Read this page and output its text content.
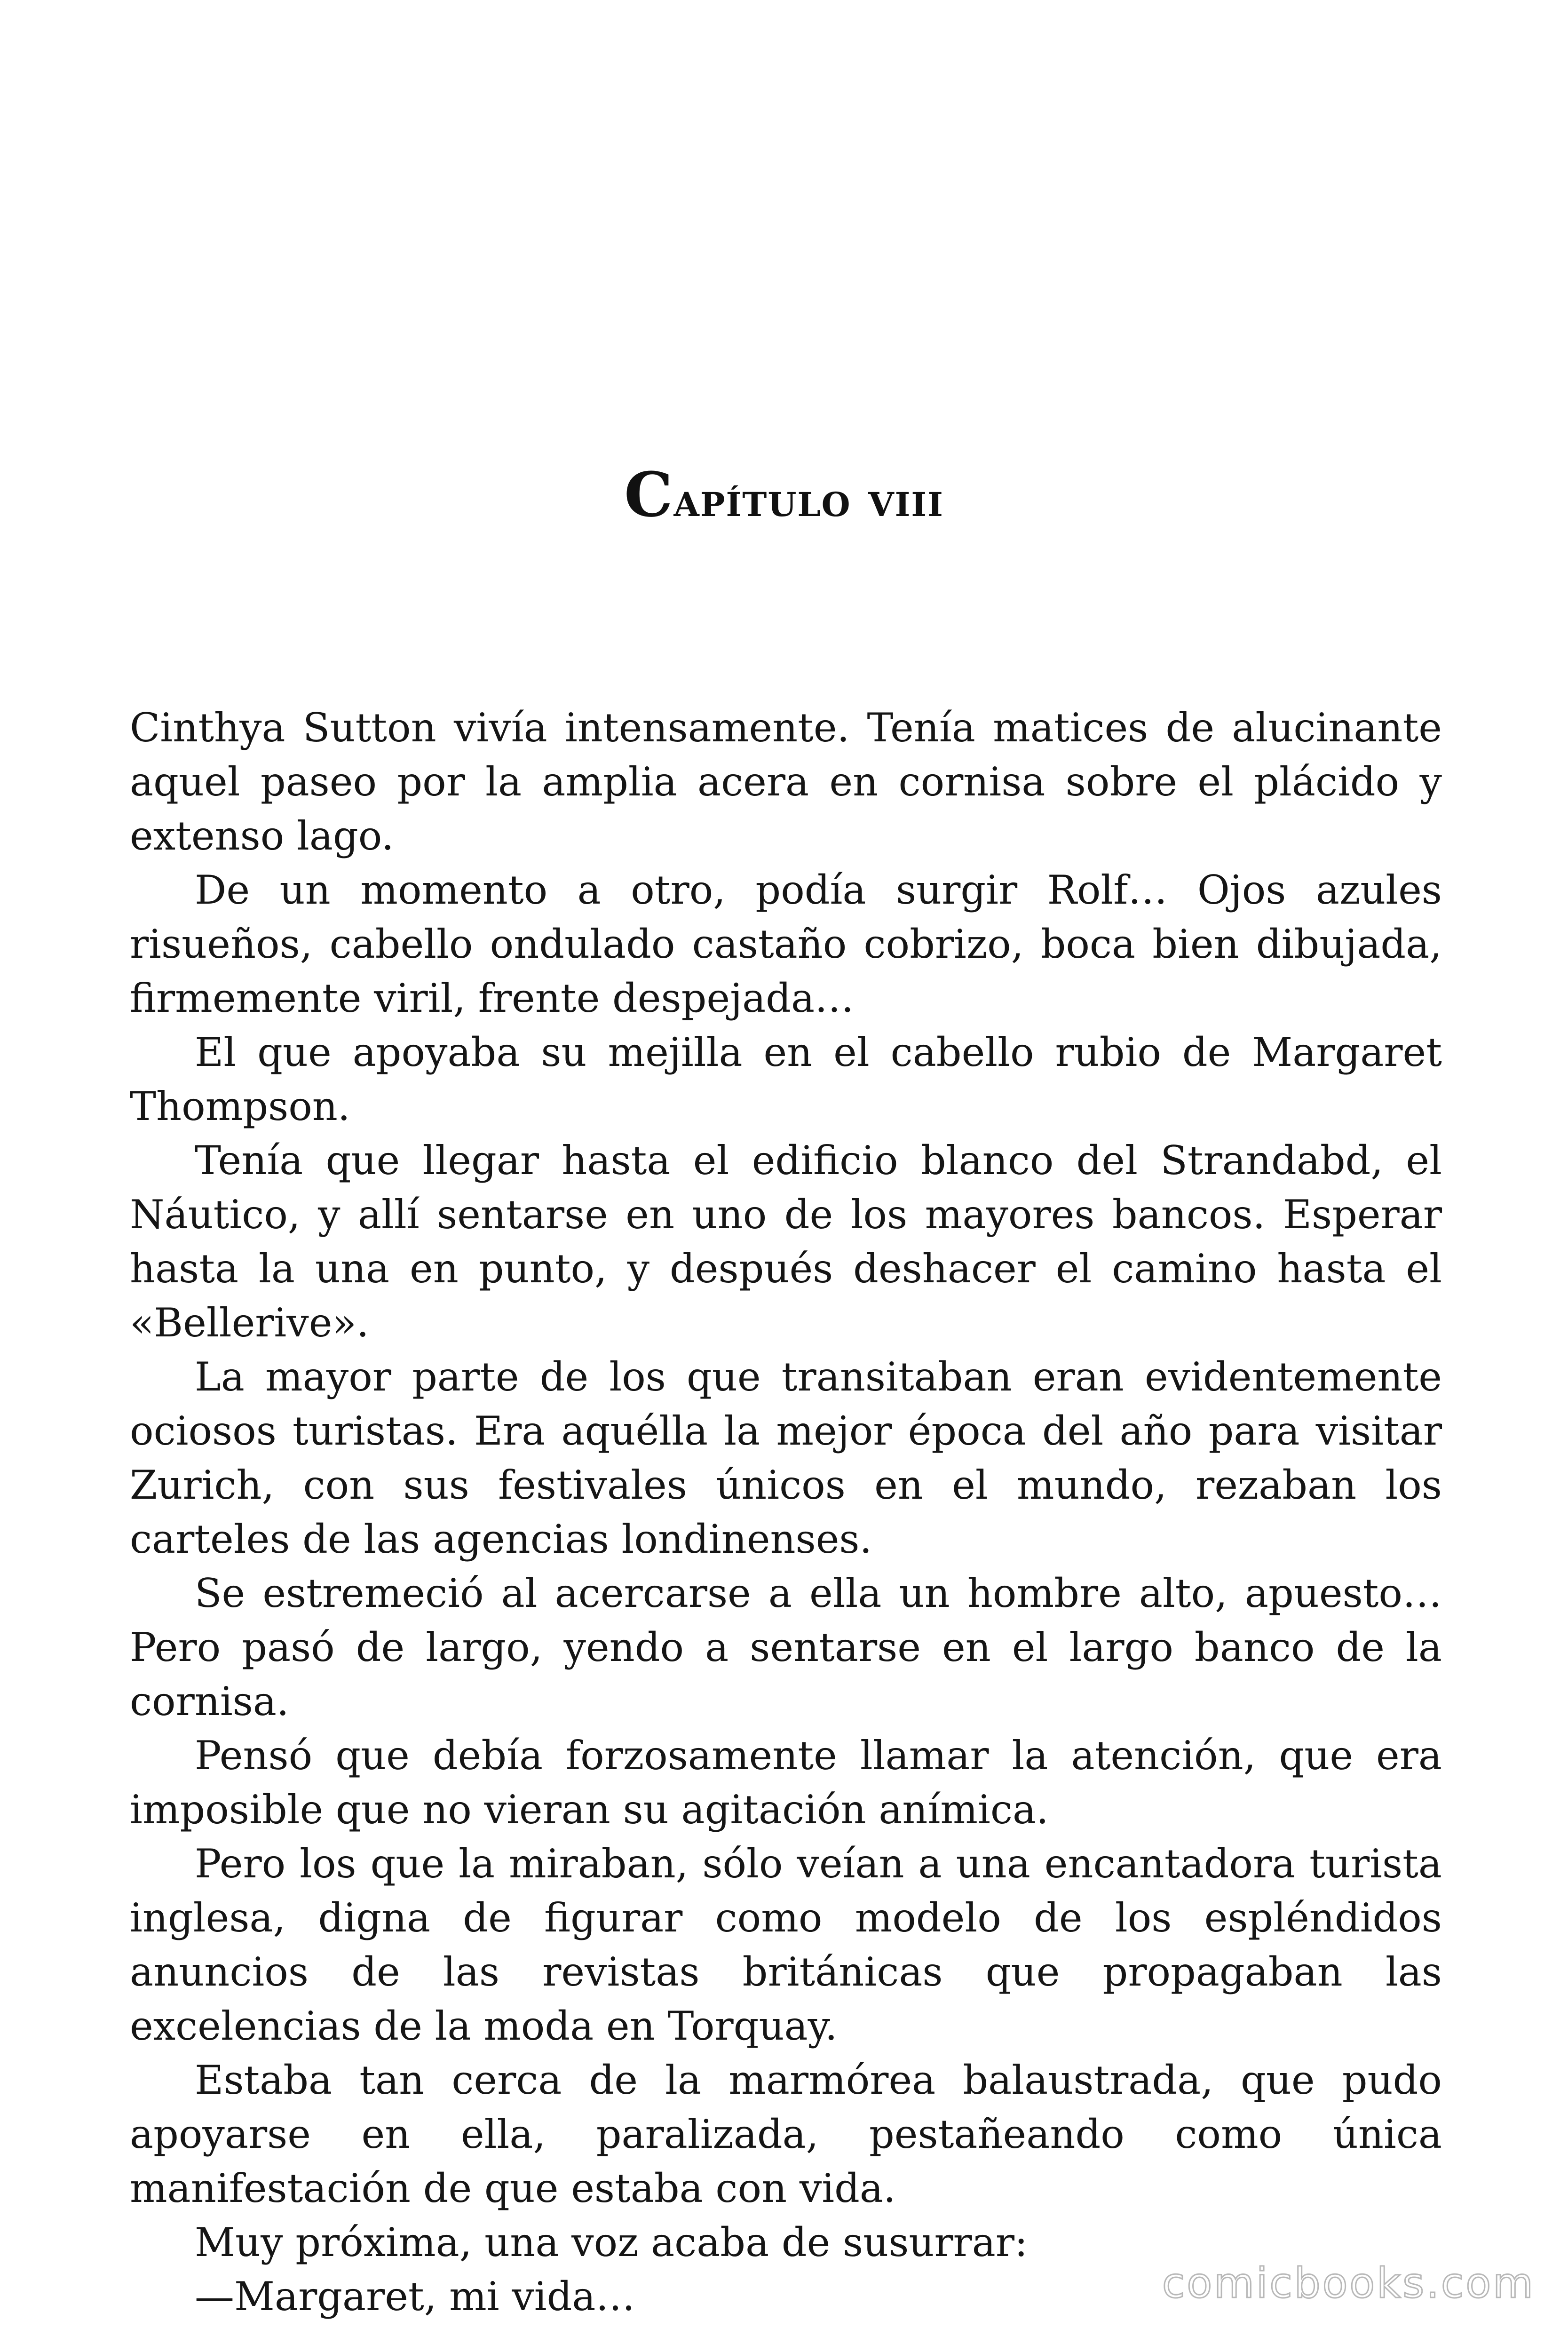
Capítulo viii

Cinthya Sutton vivía intensamente. Tenía matices de alucinante aquel paseo por la amplia acera en cornisa sobre el plácido y extenso lago.

De un momento a otro, podía surgir Rolf… Ojos azules risueños, cabello ondulado castaño cobrizo, boca bien dibujada, firmemente viril, frente despejada…

El que apoyaba su mejilla en el cabello rubio de Margaret Thompson.

Tenía que llegar hasta el edificio blanco del Strandabd, el Náutico, y allí sentarse en uno de los mayores bancos. Esperar hasta la una en punto, y después deshacer el camino hasta el «Bellerive».

La mayor parte de los que transitaban eran evidentemente ociosos turistas. Era aquélla la mejor época del año para visitar Zurich, con sus festivales únicos en el mundo, rezaban los carteles de las agencias londinenses.

Se estremeció al acercarse a ella un hombre alto, apuesto… Pero pasó de largo, yendo a sentarse en el largo banco de la cornisa.

Pensó que debía forzosamente llamar la atención, que era imposible que no vieran su agitación anímica.

Pero los que la miraban, sólo veían a una encantadora turista inglesa, digna de figurar como modelo de los espléndidos anuncios de las revistas británicas que propagaban las excelencias de la moda en Torquay.

Estaba tan cerca de la marmórea balaustrada, que pudo apoyarse en ella, paralizada, pestañeando como única manifestación de que estaba con vida.

Muy próxima, una voz acaba de susurrar:

—Margaret, mi vida…	comicbooks.com
